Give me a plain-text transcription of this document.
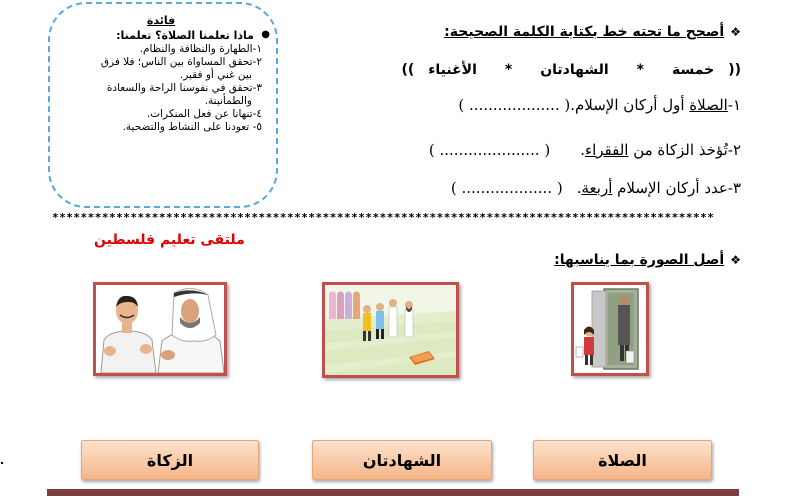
فائدة
●
ماذا تعلمنا الصلاة؟ تعلمنا:

١-الطهارة والنظافة والنظام.

٢-تحقق المساواة بين الناس؛ فلا فرق

بين غني أو فقير.

٣-تحقق في نفوسنا الراحة والسعادة

والطمأنينة.

٤-تنهانا عن فعل المنكرات.

٥- تعودنا على النشاط والتضحية.

❖أصحح ما تحته خط بكتابة الكلمة الصحيحة:
((خمسة*الشهادتان*الأغنياء))
١-الصلاة أول أركان الإسلام.( ................... )
٢-تُؤخذ الزكاة من الفقراء.( ..................... )
٣-عدد أركان الإسلام أربعة.( ................... )
*********************************************************************************************
ملتقى تعليم فلسطين
❖أصل الصورة بما يناسبها:
الزكاة	الشهادتان	الصلاة
